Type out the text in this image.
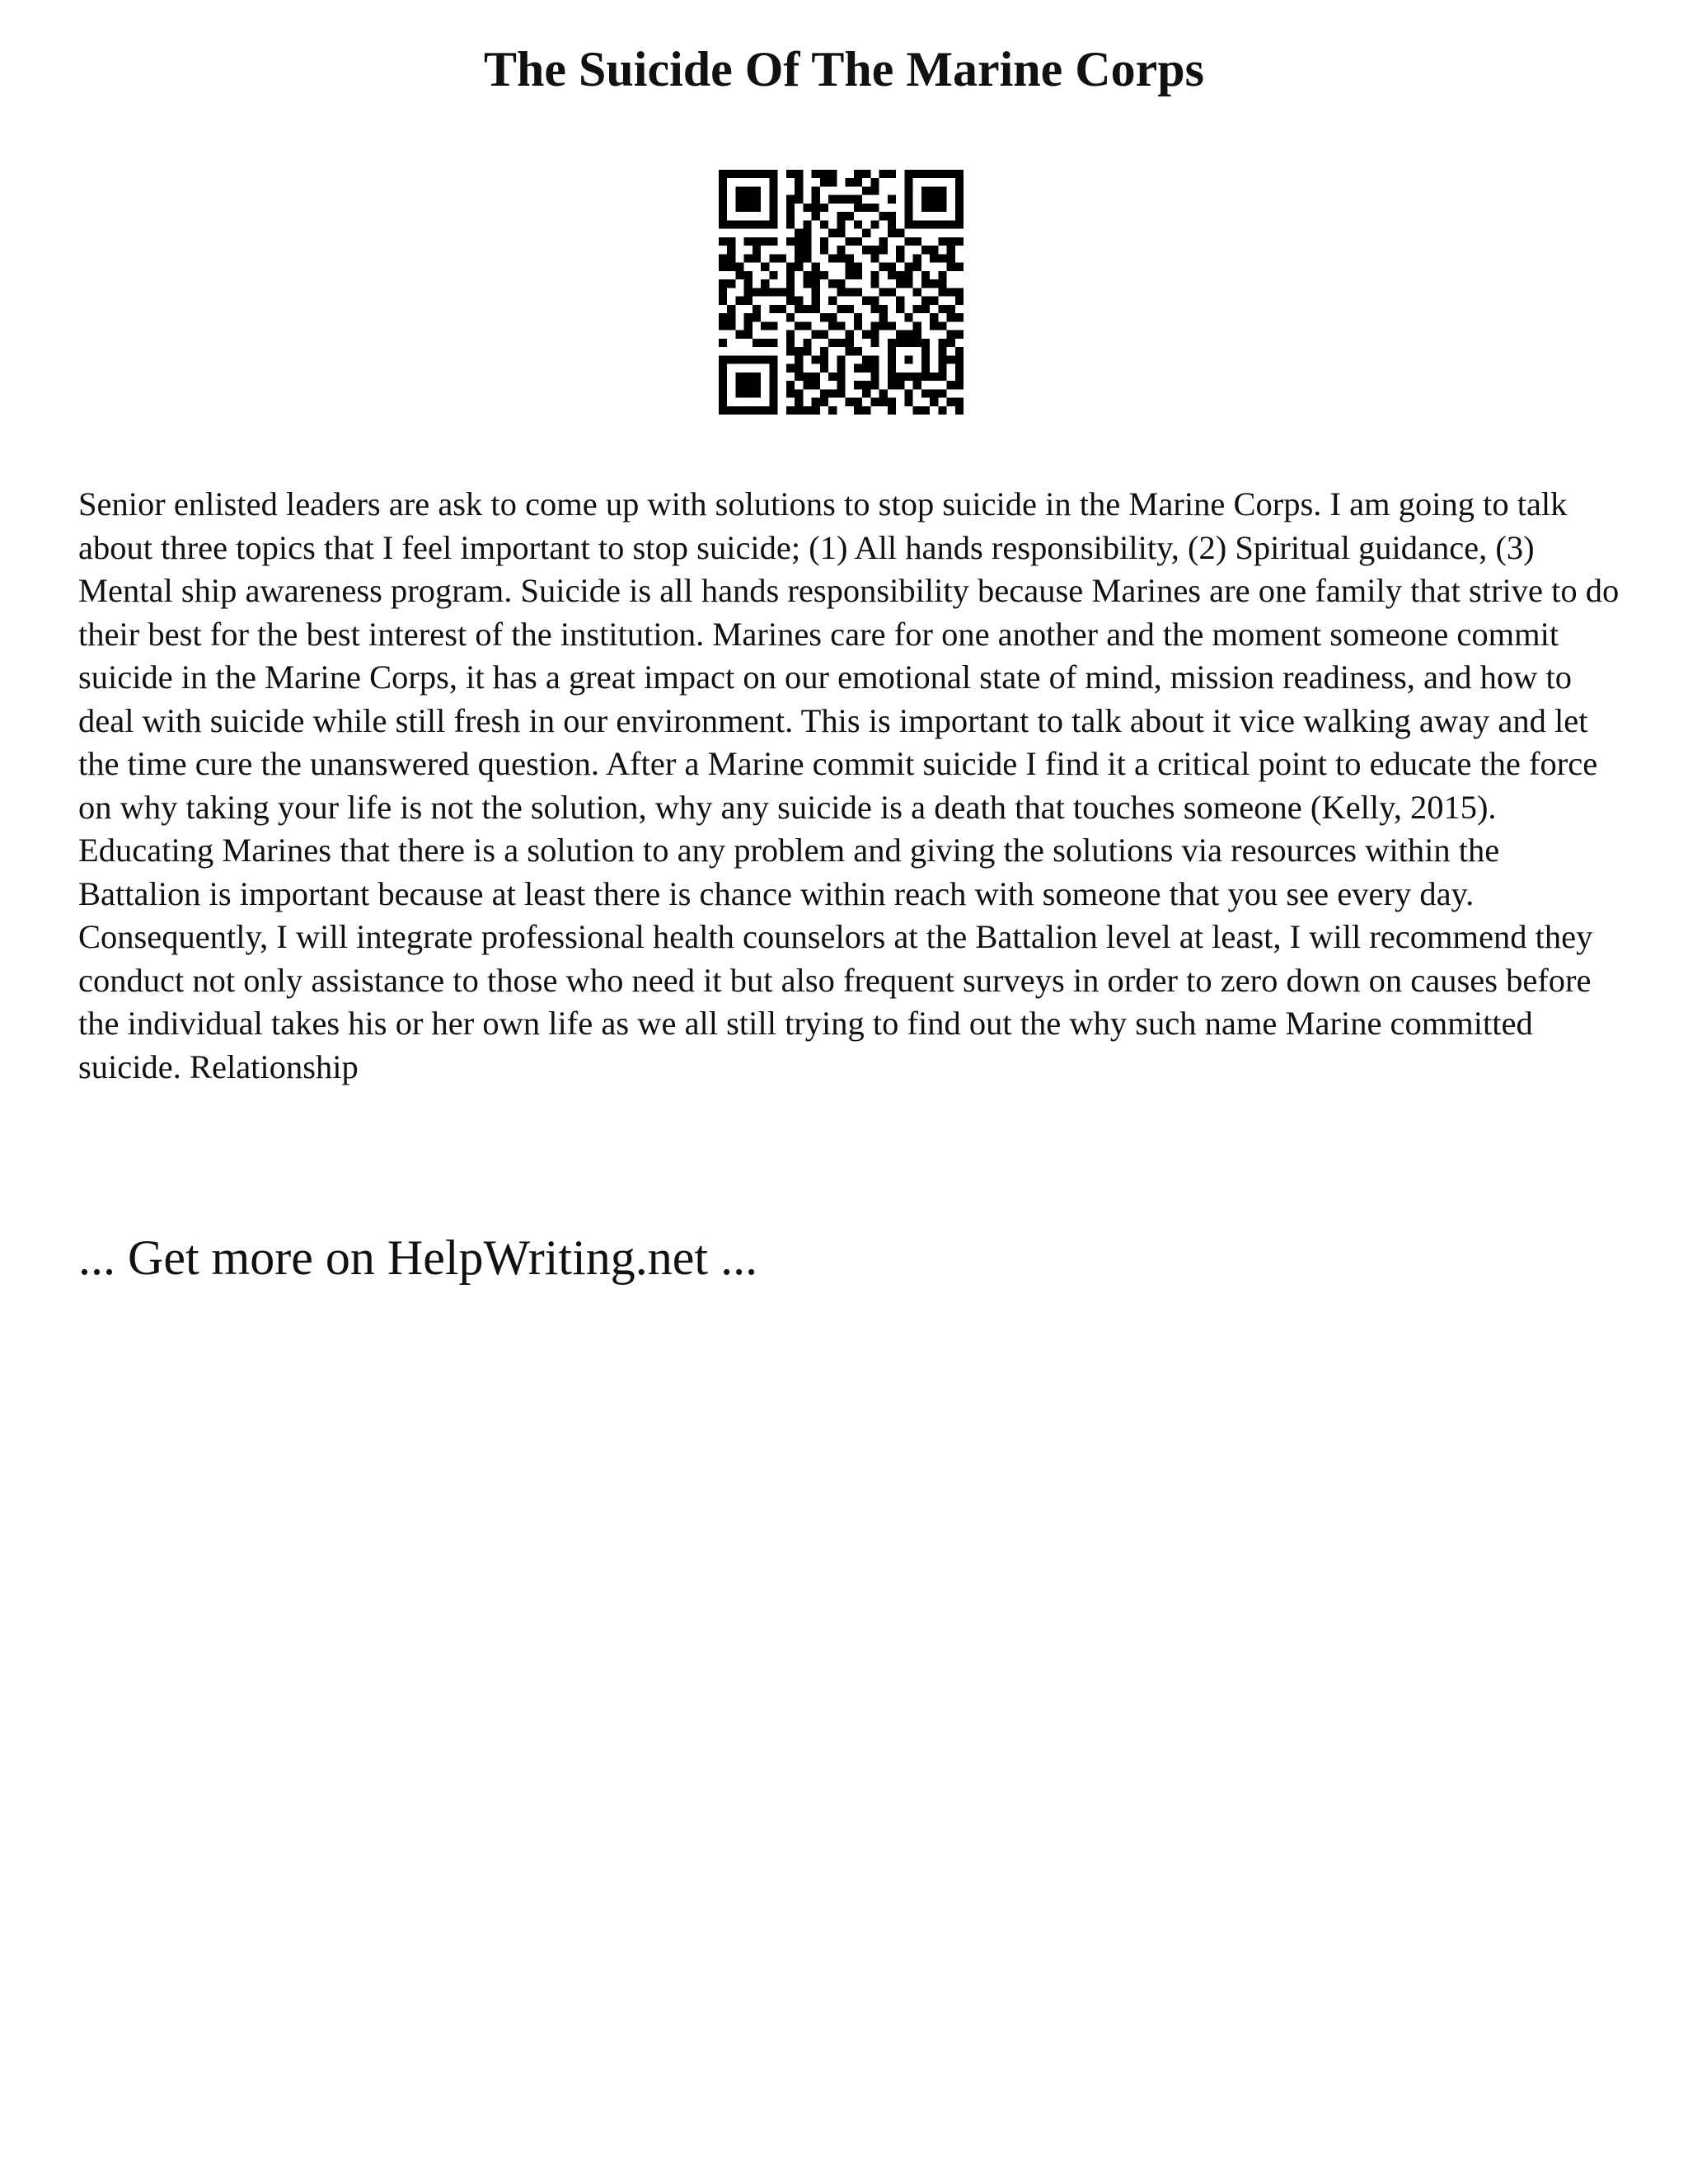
The Suicide Of The Marine Corps

Senior enlisted leaders are ask to come up with solutions to stop suicide in the Marine Corps. I am going to talk about three topics that I feel important to stop suicide; (1) All hands responsibility, (2) Spiritual guidance, (3) Mental ship awareness program. Suicide is all hands responsibility because Marines are one family that strive to do their best for the best interest of the institution. Marines care for one another and the moment someone commit suicide in the Marine Corps, it has a great impact on our emotional state of mind, mission readiness, and how to deal with suicide while still fresh in our environment. This is important to talk about it vice walking away and let the time cure the unanswered question. After a Marine commit suicide I find it a critical point to educate the force on why taking your life is not the solution, why any suicide is a death that touches someone (Kelly, 2015). Educating Marines that there is a solution to any problem and giving the solutions via resources within the Battalion is important because at least there is chance within reach with someone that you see every day.

Consequently, I will integrate professional health counselors at the Battalion level at least, I will recommend they conduct not only assistance to those who need it but also frequent surveys in order to zero down on causes before the individual takes his or her own life as we all still trying to find out the why such name Marine committed suicide. Relationship

... Get more on HelpWriting.net ...
